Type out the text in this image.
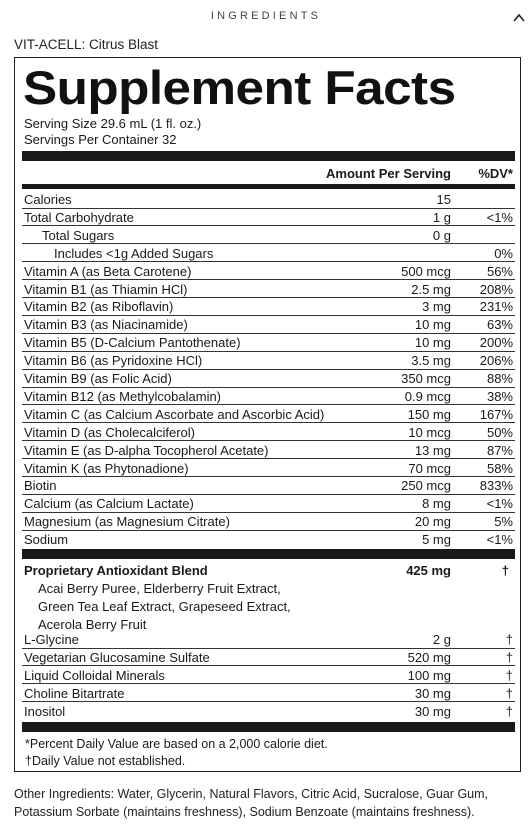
INGREDIENTS
VIT-ACELL: Citrus Blast
Supplement Facts
Serving Size 29.6 mL (1 fl. oz.)
Servings Per Container 32
Amount Per Serving %DV*
Calories	15
Total Carbohydrate	1 g	<1%
Total Sugars	0 g
Includes <1g Added Sugars	0%
Vitamin A (as Beta Carotene)	500 mcg	56%
Vitamin B1 (as Thiamin HCl)	2.5 mg 208%
Vitamin B2 (as Riboflavin)	3 mg 231%
Vitamin B3 (as Niacinamide)	10 mg	63%
Vitamin B5 (D-Calcium Pantothenate)	10 mg 200%
Vitamin B6 (as Pyridoxine HCl)	3.5 mg 206%
Vitamin B9 (as Folic Acid)	350 mcg	88%
Vitamin B12 (as Methylcobalamin)	0.9 mcg	38%
Vitamin C (as Calcium Ascorbate and Ascorbic Acid)	150 mg 167%
Vitamin D (as Cholecalciferol)	10 mcg	50%
Vitamin E (as D-alpha Tocopherol Acetate)	13 mg	87%
Vitamin K (as Phytonadione)	70 mcg	58%
Biotin	250 mcg 833%
Calcium (as Calcium Lactate)	8 mg	<1%
Magnesium (as Magnesium Citrate)	20 mg	5%
Sodium	5 mg	<1%
Proprietary Antioxidant Blend	425 mg	†
Acai Berry Puree, Elderberry Fruit Extract,
Green Tea Leaf Extract, Grapeseed Extract,
Acerola Berry Fruit
L-Glycine	2 g	†
Vegetarian Glucosamine Sulfate	520 mg	†
Liquid Colloidal Minerals	100 mg	†
Choline Bitartrate	30 mg	†
Inositol	30 mg	†
*Percent Daily Value are based on a 2,000 calorie diet.
†Daily Value not established.
Other Ingredients: Water, Glycerin, Natural Flavors, Citric Acid, Sucralose, Guar Gum, Potassium Sorbate (maintains freshness), Sodium Benzoate (maintains freshness).
